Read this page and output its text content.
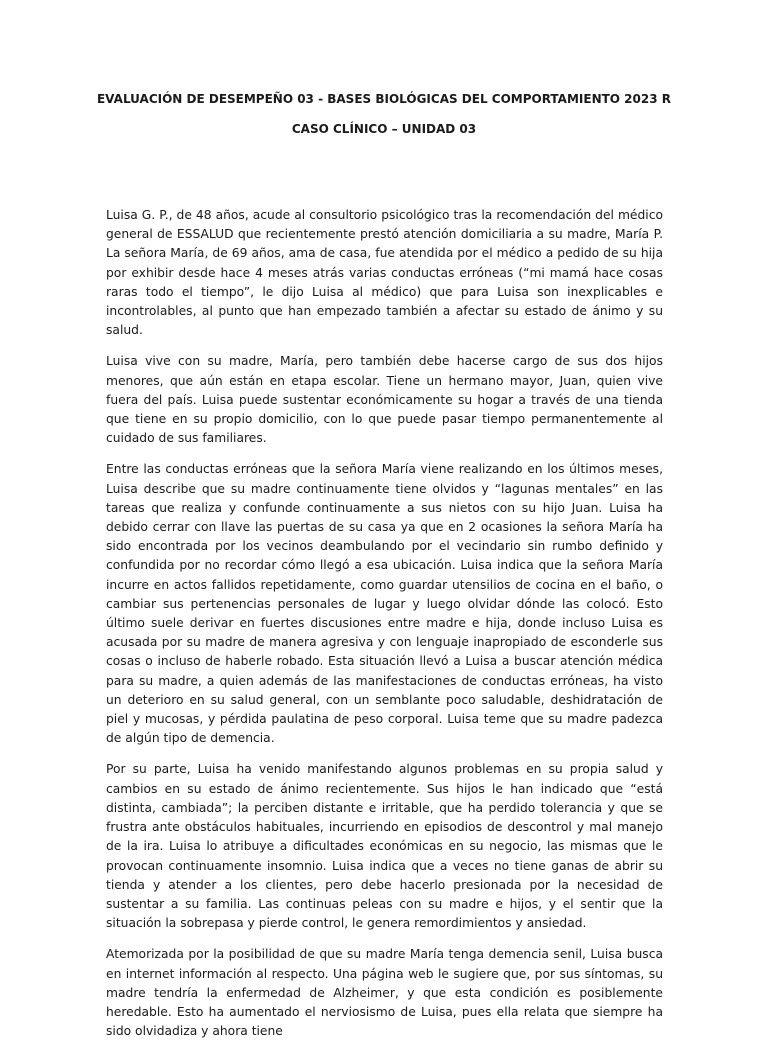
EVALUACIÓN DE DESEMPEÑO 03 - BASES BIOLÓGICAS DEL COMPORTAMIENTO 2023 R
CASO CLÍNICO – UNIDAD 03

Luisa G. P., de 48 años, acude al consultorio psicológico tras la recomendación del médico general de ESSALUD que recientemente prestó atención domiciliaria a su madre, María P. La señora María, de 69 años, ama de casa, fue atendida por el médico a pedido de su hija por exhibir desde hace 4 meses atrás varias conductas erróneas (“mi mamá hace cosas raras todo el tiempo”, le dijo Luisa al médico) que para Luisa son inexplicables e incontrolables, al punto que han empezado también a afectar su estado de ánimo y su salud.

Luisa vive con su madre, María, pero también debe hacerse cargo de sus dos hijos menores, que aún están en etapa escolar. Tiene un hermano mayor, Juan, quien vive fuera del país. Luisa puede sustentar económicamente su hogar a través de una tienda que tiene en su propio domicilio, con lo que puede pasar tiempo permanentemente al cuidado de sus familiares.

Entre las conductas erróneas que la señora María viene realizando en los últimos meses, Luisa describe que su madre continuamente tiene olvidos y “lagunas mentales” en las tareas que realiza y confunde continuamente a sus nietos con su hijo Juan. Luisa ha debido cerrar con llave las puertas de su casa ya que en 2 ocasiones la señora María ha sido encontrada por los vecinos deambulando por el vecindario sin rumbo definido y confundida por no recordar cómo llegó a esa ubicación. Luisa indica que la señora María incurre en actos fallidos repetidamente, como guardar utensilios de cocina en el baño, o cambiar sus pertenencias personales de lugar y luego olvidar dónde las colocó. Esto último suele derivar en fuertes discusiones entre madre e hija, donde incluso Luisa es acusada por su madre de manera agresiva y con lenguaje inapropiado de esconderle sus cosas o incluso de haberle robado. Esta situación llevó a Luisa a buscar atención médica para su madre, a quien además de las manifestaciones de conductas erróneas, ha visto un deterioro en su salud general, con un semblante poco saludable, deshidratación de piel y mucosas, y pérdida paulatina de peso corporal. Luisa teme que su madre padezca de algún tipo de demencia.

Por su parte, Luisa ha venido manifestando algunos problemas en su propia salud y cambios en su estado de ánimo recientemente. Sus hijos le han indicado que “está distinta, cambiada”; la perciben distante e irritable, que ha perdido tolerancia y que se frustra ante obstáculos habituales, incurriendo en episodios de descontrol y mal manejo de la ira. Luisa lo atribuye a dificultades económicas en su negocio, las mismas que le provocan continuamente insomnio. Luisa indica que a veces no tiene ganas de abrir su tienda y atender a los clientes, pero debe hacerlo presionada por la necesidad de sustentar a su familia. Las continuas peleas con su madre e hijos, y el sentir que la situación la sobrepasa y pierde control, le genera remordimientos y ansiedad.

Atemorizada por la posibilidad de que su madre María tenga demencia senil, Luisa busca en internet información al respecto. Una página web le sugiere que, por sus síntomas, su madre tendría la enfermedad de Alzheimer, y que esta condición es posiblemente heredable. Esto ha aumentado el nerviosismo de Luisa, pues ella relata que siempre ha sido olvidadiza y ahora tiene
